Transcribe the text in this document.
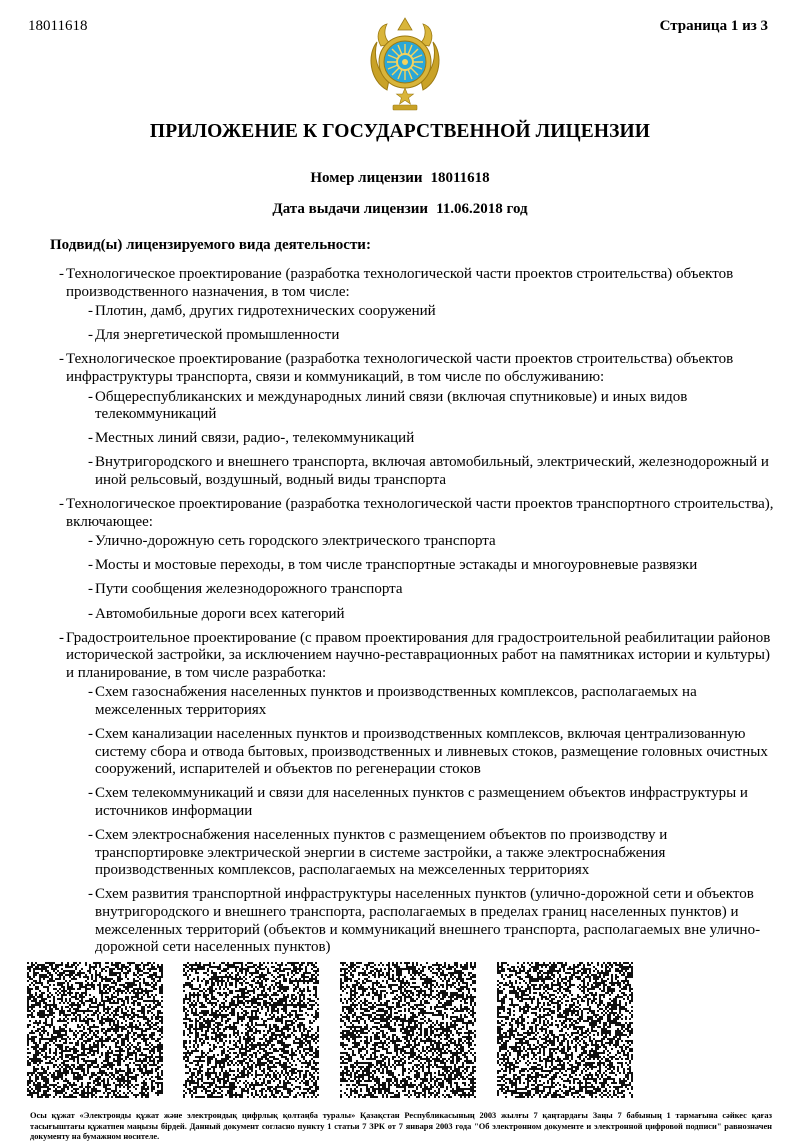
18011618	Страница 1 из 3
ПРИЛОЖЕНИЕ К ГОСУДАРСТВЕННОЙ ЛИЦЕНЗИИ
Номер лицензии 18011618
Дата выдачи лицензии 11.06.2018 год
Подвид(ы) лицензируемого вида деятельности:
- Технологическое проектирование (разработка технологической части проектов строительства) объектов производственного назначения, в том числе:
- Плотин, дамб, других гидротехнических сооружений
- Для энергетической промышленности
- Технологическое проектирование (разработка технологической части проектов строительства) объектов инфраструктуры транспорта, связи и коммуникаций, в том числе по обслуживанию:
- Общереспубликанских и международных линий связи (включая спутниковые) и иных видов телекоммуникаций
- Местных линий связи, радио-, телекоммуникаций
- Внутригородского и внешнего транспорта, включая автомобильный, электрический, железнодорожный и иной рельсовый, воздушный, водный виды транспорта
- Технологическое проектирование (разработка технологической части проектов транспортного строительства), включающее:
- Улично-дорожную сеть городского электрического транспорта
- Мосты и мостовые переходы, в том числе транспортные эстакады и многоуровневые развязки
- Пути сообщения железнодорожного транспорта
- Автомобильные дороги всех категорий
- Градостроительное проектирование (с правом проектирования для градостроительной реабилитации районов исторической застройки, за исключением научно-реставрационных работ на памятниках истории и культуры) и планирование, в том числе разработка:
- Схем газоснабжения населенных пунктов и производственных комплексов, располагаемых на межселенных территориях
- Схем канализации населенных пунктов и производственных комплексов, включая централизованную систему сбора и отвода бытовых, производственных и ливневых стоков, размещение головных очистных сооружений, испарителей и объектов по регенерации стоков
- Схем телекоммуникаций и связи для населенных пунктов с размещением объектов инфраструктуры и источников информации
- Схем электроснабжения населенных пунктов с размещением объектов по производству и транспортировке электрической энергии в системе застройки, а также электроснабжения производственных комплексов, располагаемых на межселенных территориях
- Схем развития транспортной инфраструктуры населенных пунктов (улично-дорожной сети и объектов внутригородского и внешнего транспорта, располагаемых в пределах границ населенных пунктов) и межселенных территорий (объектов и коммуникаций внешнего транспорта, располагаемых вне улично-дорожной сети населенных пунктов)
Осы құжат «Электронды құжат және электрондық цифрлық қолтаңба туралы» Қазақстан Республикасының 2003 жылғы 7 қаңтардағы Заңы 7 бабының 1 тармағына сәйкес қағаз тасығыштағы құжатпен маңызы бірдей. Данный документ согласно пункту 1 статьи 7 ЗРК от 7 января 2003 года "Об электронном документе и электронной цифровой подписи" равнозначен документу на бумажном носителе.
